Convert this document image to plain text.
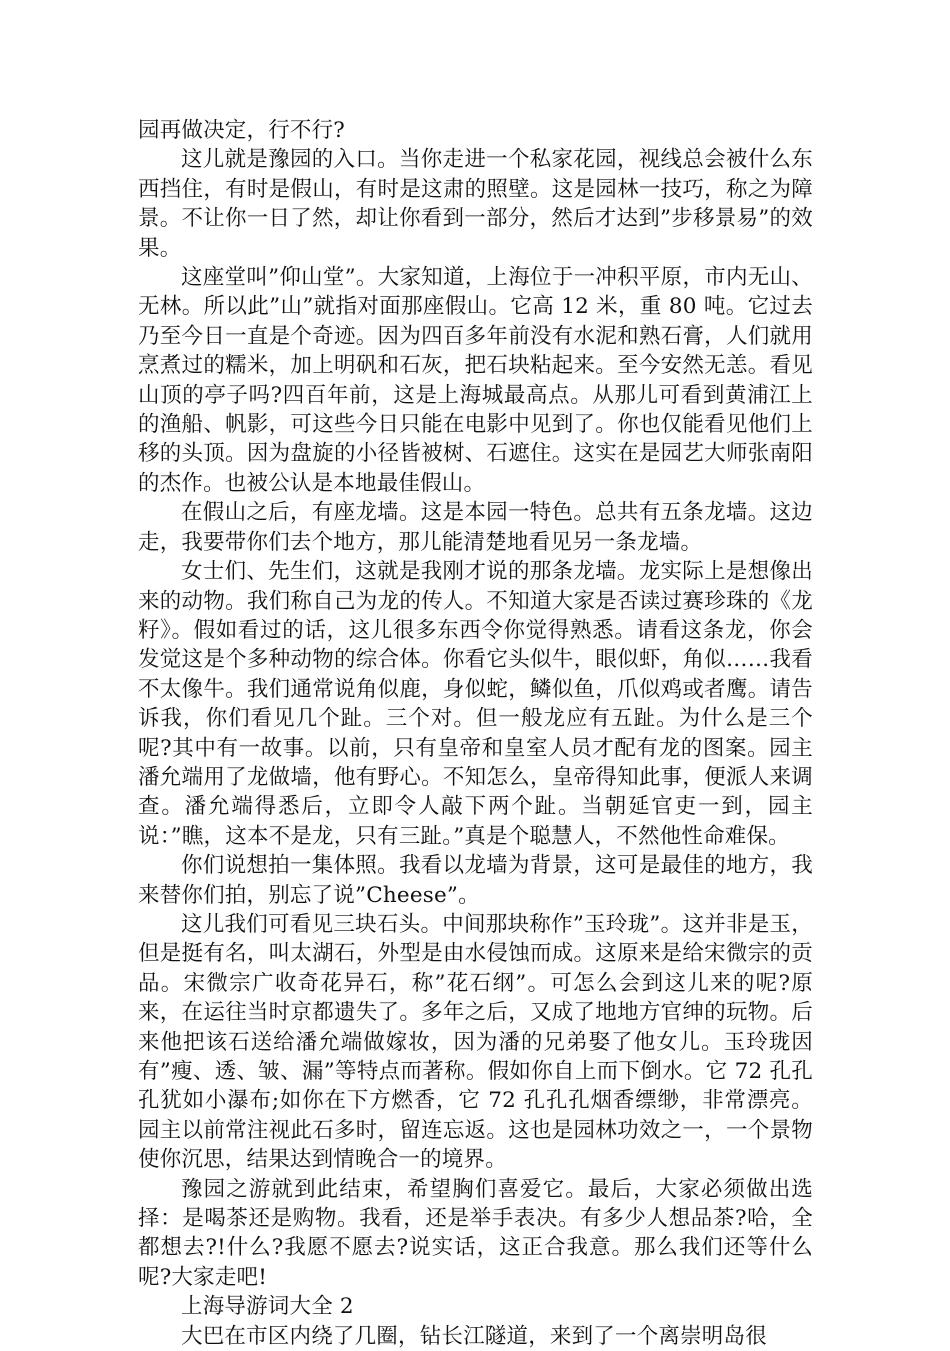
园再做决定，行不行?

这儿就是豫园的入口。当你走进一个私家花园，视线总会被什么东西挡住，有时是假山，有时是这肃的照壁。这是园林一技巧，称之为障景。不让你一日了然，却让你看到一部分，然后才达到”步移景易”的效果。

这座堂叫”仰山堂”。大家知道，上海位于一冲积平原，市内无山、无林。所以此”山”就指对面那座假山。它高 12 米，重 80 吨。它过去乃至今日一直是个奇迹。因为四百多年前没有水泥和熟石膏，人们就用烹煮过的糯米，加上明矾和石灰，把石块粘起来。至今安然无恙。看见山顶的亭子吗?四百年前，这是上海城最高点。从那儿可看到黄浦江上的渔船、帆影，可这些今日只能在电影中见到了。你也仅能看见他们上移的头顶。因为盘旋的小径皆被树、石遮住。这实在是园艺大师张南阳的杰作。也被公认是本地最佳假山。

在假山之后，有座龙墙。这是本园一特色。总共有五条龙墙。这边走，我要带你们去个地方，那儿能清楚地看见另一条龙墙。

女士们、先生们，这就是我刚才说的那条龙墙。龙实际上是想像出来的动物。我们称自己为龙的传人。不知道大家是否读过赛珍珠的《龙籽》。假如看过的话，这儿很多东西令你觉得熟悉。请看这条龙，你会发觉这是个多种动物的综合体。你看它头似牛，眼似虾，角似……我看不太像牛。我们通常说角似鹿，身似蛇，鳞似鱼，爪似鸡或者鹰。请告诉我，你们看见几个趾。三个对。但一般龙应有五趾。为什么是三个呢?其中有一故事。以前，只有皇帝和皇室人员才配有龙的图案。园主潘允端用了龙做墙，他有野心。不知怎么，皇帝得知此事，便派人来调查。潘允端得悉后，立即令人敲下两个趾。当朝延官吏一到，园主说：”瞧，这本不是龙，只有三趾。”真是个聪慧人，不然他性命难保。

你们说想拍一集体照。我看以龙墙为背景，这可是最佳的地方，我来替你们拍，别忘了说”Cheese”。

这儿我们可看见三块石头。中间那块称作”玉玲珑”。这并非是玉，但是挺有名，叫太湖石，外型是由水侵蚀而成。这原来是给宋微宗的贡品。宋微宗广收奇花异石，称”花石纲”。可怎么会到这儿来的呢?原来，在运往当时京都遗失了。多年之后，又成了地地方官绅的玩物。后来他把该石送给潘允端做嫁妆，因为潘的兄弟娶了他女儿。玉玲珑因有”瘦、透、皱、漏”等特点而著称。假如你自上而下倒水。它 72 孔孔孔犹如小瀑布;如你在下方燃香，它 72 孔孔孔烟香缥缈，非常漂亮。园主以前常注视此石多时，留连忘返。这也是园林功效之一，一个景物使你沉思，结果达到情晚合一的境界。

豫园之游就到此结束，希望胸们喜爱它。最后，大家必须做出选择：是喝茶还是购物。我看，还是举手表决。有多少人想品茶?哈，全都想去?!什么?我愿不愿去?说实话，这正合我意。那么我们还等什么呢?大家走吧!

上海导游词大全 2

大巴在市区内绕了几圈，钻长江隧道，来到了一个离崇明岛很
